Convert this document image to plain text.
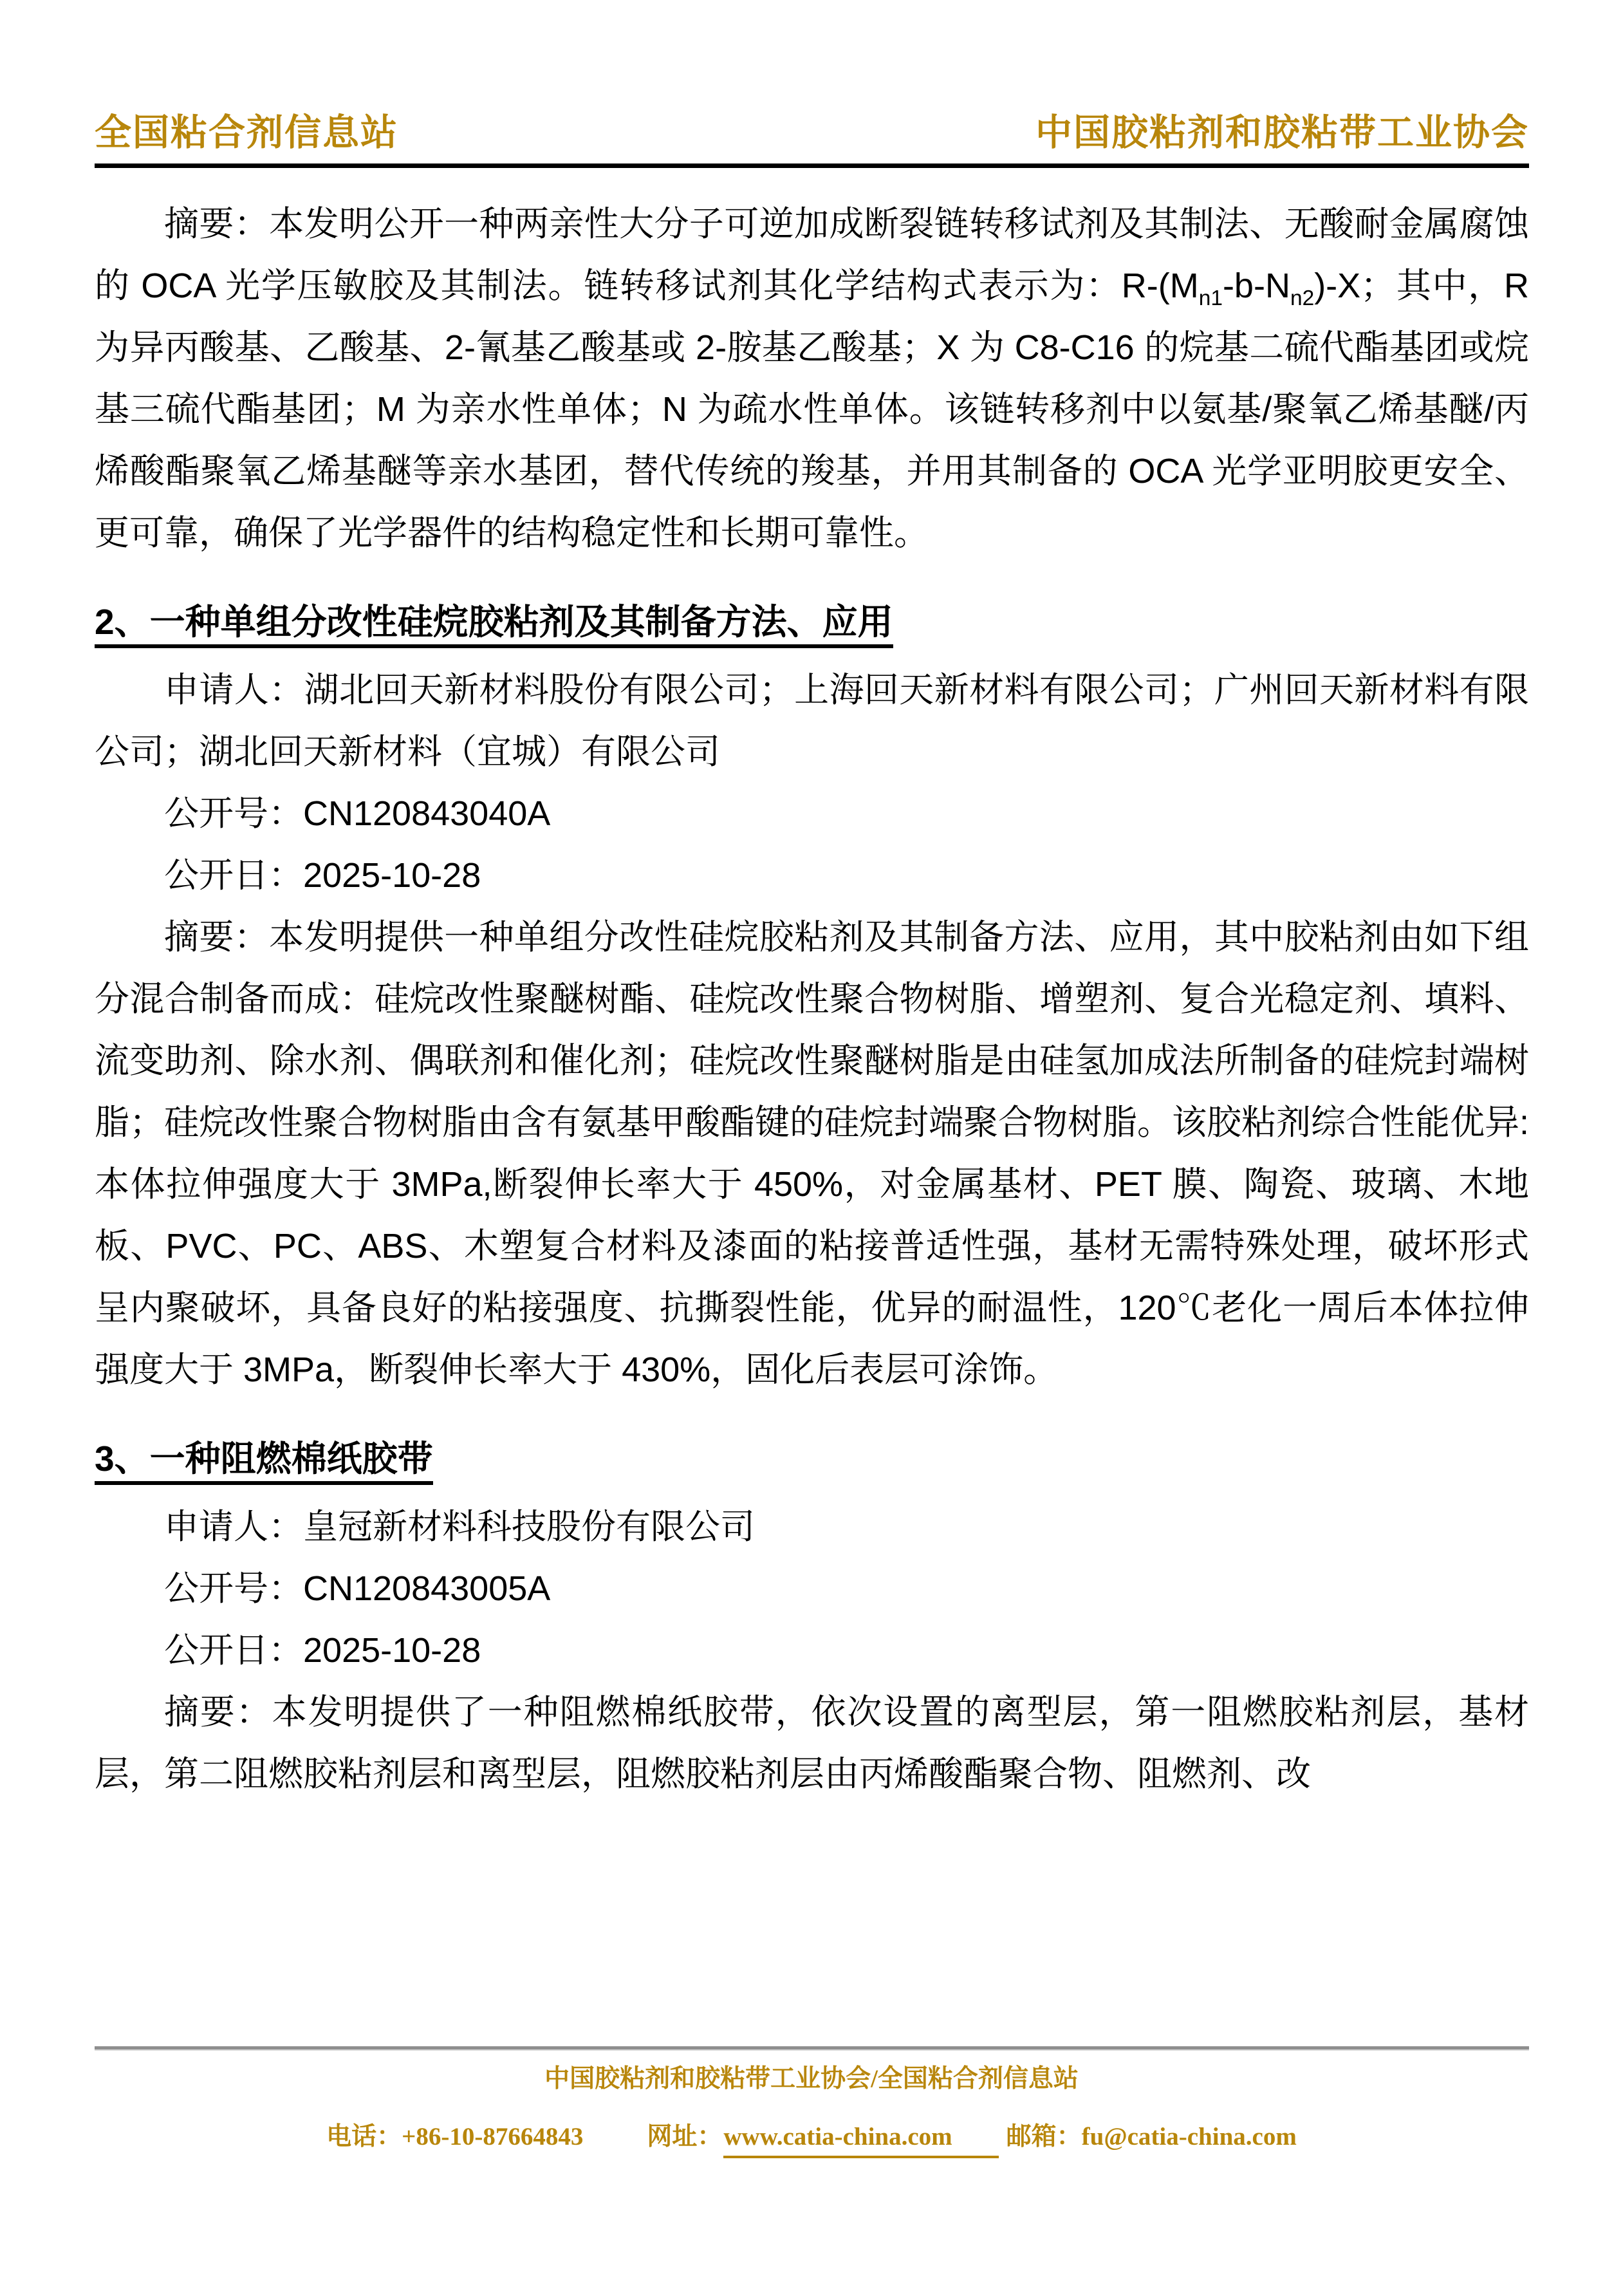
全国粘合剂信息站	中国胶粘剂和胶粘带工业协会

摘要：本发明公开一种两亲性大分子可逆加成断裂链转移试剂及其制法、无酸耐金属腐蚀的 OCA 光学压敏胶及其制法。链转移试剂其化学结构式表示为：$R-(M_{n1}-b-N_{n2})-X$；其中，R 为异丙酸基、乙酸基、2-氰基乙酸基或 2-胺基乙酸基；X 为 C8-C16 的烷基二硫代酯基团或烷基三硫代酯基团；M 为亲水性单体；N 为疏水性单体。该链转移剂中以氨基/聚氧乙烯基醚/丙烯酸酯聚氧乙烯基醚等亲水基团，替代传统的羧基，并用其制备的 OCA 光学亚明胶更安全、更可靠，确保了光学器件的结构稳定性和长期可靠性。

2、一种单组分改性硅烷胶粘剂及其制备方法、应用

申请人：湖北回天新材料股份有限公司；上海回天新材料有限公司；广州回天新材料有限公司；湖北回天新材料（宜城）有限公司

公开号：CN120843040A

公开日：2025-10-28

摘要：本发明提供一种单组分改性硅烷胶粘剂及其制备方法、应用，其中胶粘剂由如下组分混合制备而成：硅烷改性聚醚树酯、硅烷改性聚合物树脂、增塑剂、复合光稳定剂、填料、流变助剂、除水剂、偶联剂和催化剂；硅烷改性聚醚树脂是由硅氢加成法所制备的硅烷封端树脂；硅烷改性聚合物树脂由含有氨基甲酸酯键的硅烷封端聚合物树脂。该胶粘剂综合性能优异:本体拉伸强度大于 3MPa,断裂伸长率大于 450%，对金属基材、PET 膜、陶瓷、玻璃、木地板、PVC、PC、ABS、木塑复合材料及漆面的粘接普适性强，基材无需特殊处理，破坏形式呈内聚破坏，具备良好的粘接强度、抗撕裂性能，优异的耐温性，120℃老化一周后本体拉伸强度大于 3MPa，断裂伸长率大于 430%，固化后表层可涂饰。

3、一种阻燃棉纸胶带

申请人：皇冠新材料科技股份有限公司

公开号：CN120843005A

公开日：2025-10-28

摘要：本发明提供了一种阻燃棉纸胶带，依次设置的离型层，第一阻燃胶粘剂层，基材层，第二阻燃胶粘剂层和离型层，阻燃胶粘剂层由丙烯酸酯聚合物、阻燃剂、改

中国胶粘剂和胶粘带工业协会/全国粘合剂信息站
电话：+86-10-87664843	网址：www.catia-china.com 邮箱：fu@catia-china.com
